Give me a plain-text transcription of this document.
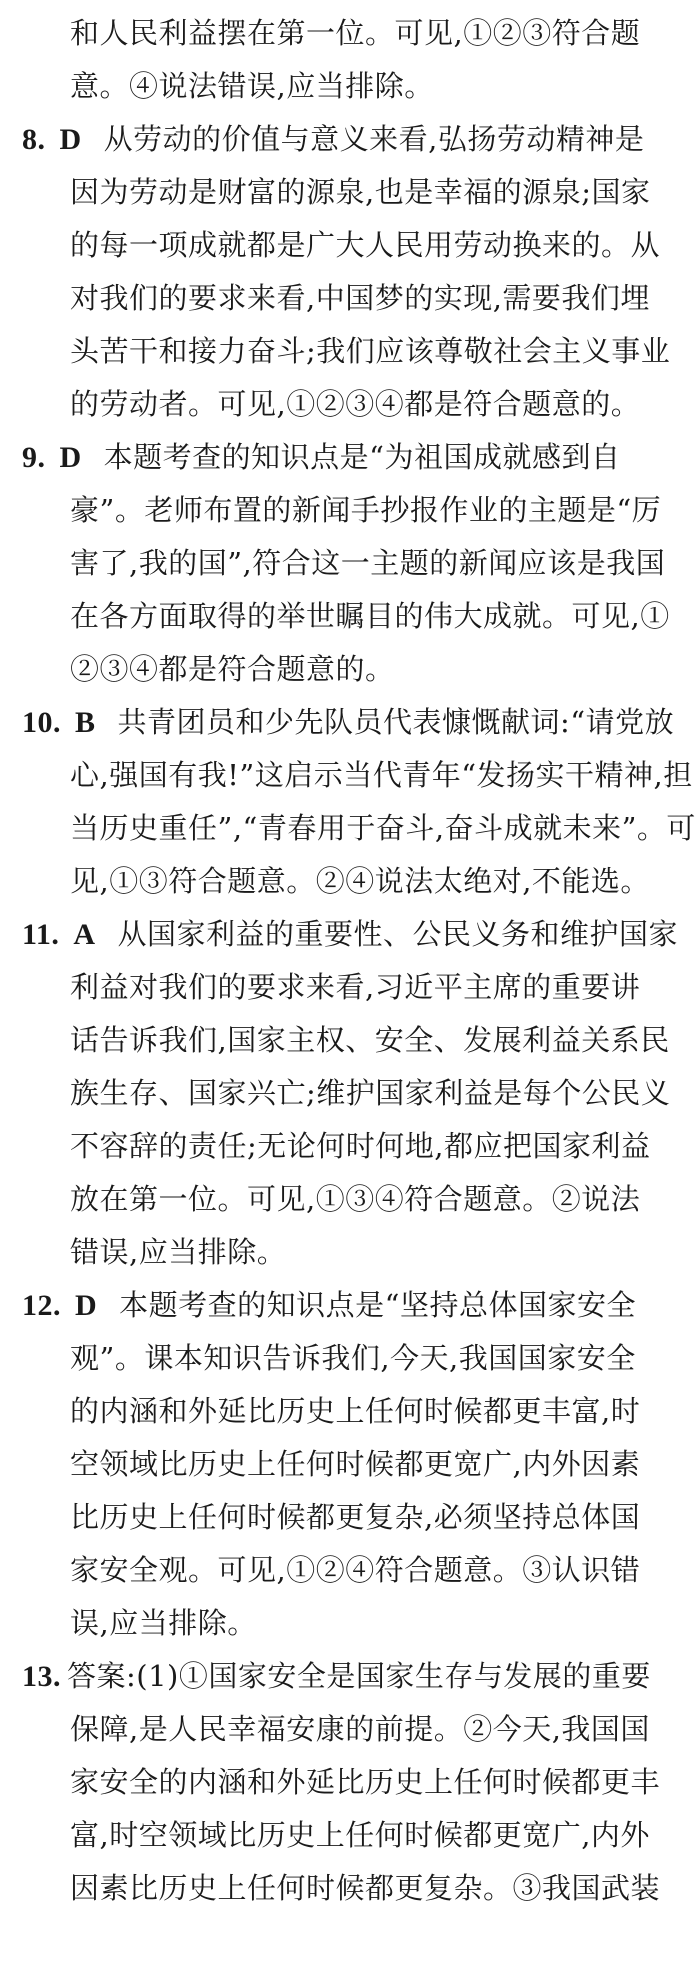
和人民利益摆在第一位。可见,①②③符合题
意。④说法错误,应当排除。
8. D 从劳动的价值与意义来看,弘扬劳动精神是
因为劳动是财富的源泉,也是幸福的源泉;国家
的每一项成就都是广大人民用劳动换来的。从
对我们的要求来看,中国梦的实现,需要我们埋
头苦干和接力奋斗;我们应该尊敬社会主义事业
的劳动者。可见,①②③④都是符合题意的。
9. D 本题考查的知识点是“为祖国成就感到自
豪”。老师布置的新闻手抄报作业的主题是“厉
害了,我的国”,符合这一主题的新闻应该是我国
在各方面取得的举世瞩目的伟大成就。可见,①
②③④都是符合题意的。
10. B 共青团员和少先队员代表慷慨献词:“请党放
心,强国有我!”这启示当代青年“发扬实干精神,担
当历史重任”,“青春用于奋斗,奋斗成就未来”。可
见,①③符合题意。②④说法太绝对,不能选。
11. A 从国家利益的重要性、公民义务和维护国家
利益对我们的要求来看,习近平主席的重要讲
话告诉我们,国家主权、安全、发展利益关系民
族生存、国家兴亡;维护国家利益是每个公民义
不容辞的责任;无论何时何地,都应把国家利益
放在第一位。可见,①③④符合题意。②说法
错误,应当排除。
12. D 本题考查的知识点是“坚持总体国家安全
观”。课本知识告诉我们,今天,我国国家安全
的内涵和外延比历史上任何时候都更丰富,时
空领域比历史上任何时候都更宽广,内外因素
比历史上任何时候都更复杂,必须坚持总体国
家安全观。可见,①②④符合题意。③认识错
误,应当排除。
13. 答案:(1)①国家安全是国家生存与发展的重要
保障,是人民幸福安康的前提。②今天,我国国
家安全的内涵和外延比历史上任何时候都更丰
富,时空领域比历史上任何时候都更宽广,内外
因素比历史上任何时候都更复杂。③我国武装
